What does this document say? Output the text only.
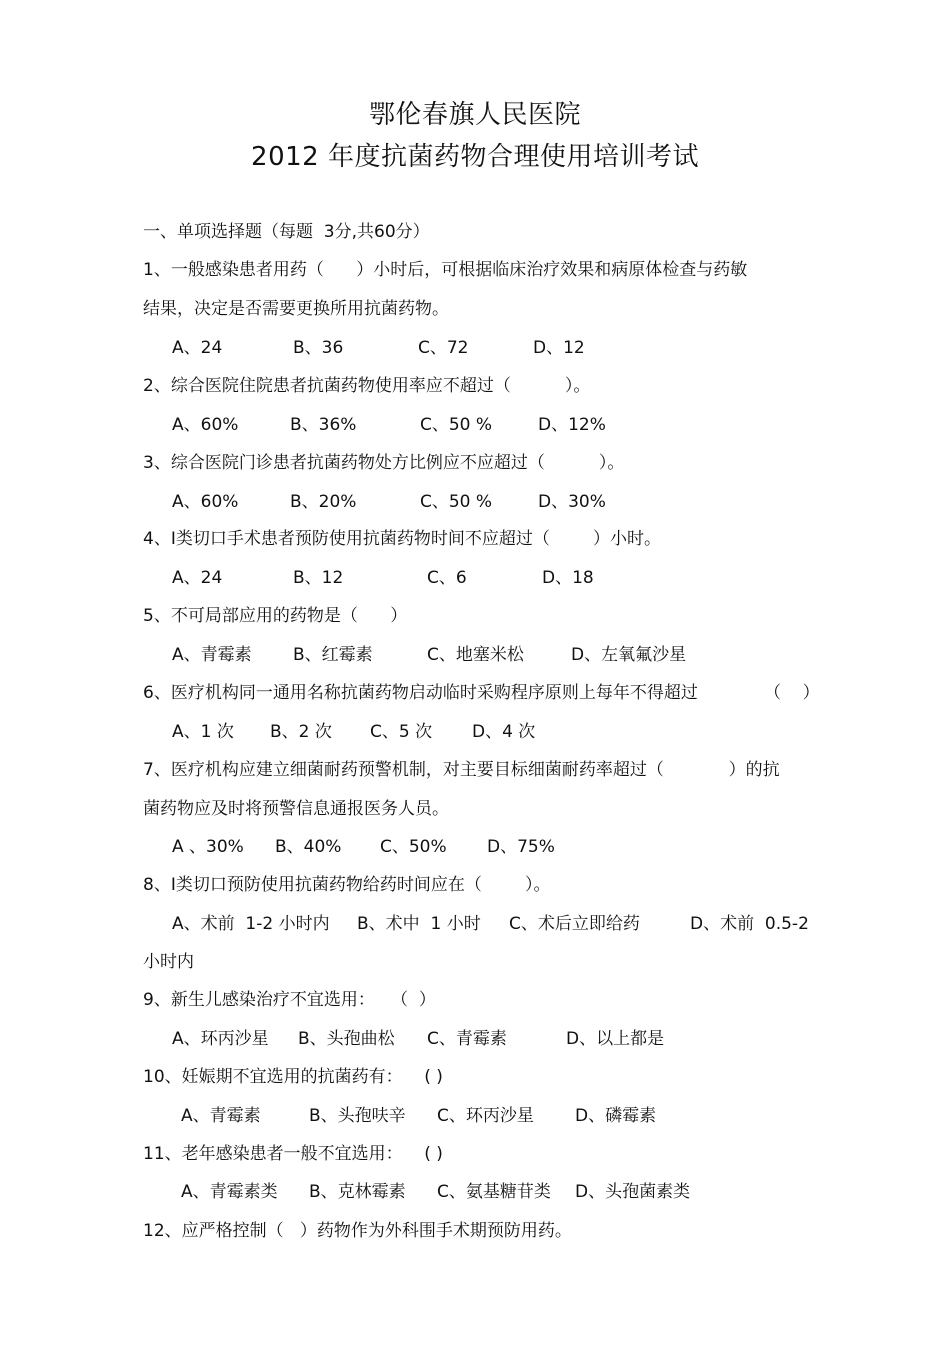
鄂伦春旗人民医院
2012 年度抗菌药物合理使用培训考试
一、单项选择题（每题  3分,共60分）
1、一般感染患者用药（      ）小时后，可根据临床治疗效果和病原体检查与药敏
结果，决定是否需要更换所用抗菌药物。
A、24	B、36	C、72	D、12
2、综合医院住院患者抗菌药物使用率应不超过（          ）。
A、60%	B、36%	C、50 %	D、12%
3、综合医院门诊患者抗菌药物处方比例应不应超过（          ）。
A、60%	B、20%	C、50 %	D、30%
4、Ⅰ类切口手术患者预防使用抗菌药物时间不应超过（        ）小时。
A、24	B、12	C、6	D、18
5、不可局部应用的药物是（      ）
A、青霉素 B、红霉素	C、地塞米松	D、左氧氟沙星
6、医疗机构同一通用名称抗菌药物启动临时采购程序原则上每年不得超过	（    ）
A、1 次 B、2 次 C、5 次 D、4 次
7、医疗机构应建立细菌耐药预警机制，对主要目标细菌耐药率超过（            ）的抗
菌药物应及时将预警信息通报医务人员。
A 、30% B、40% C、50% D、75%
8、Ⅰ类切口预防使用抗菌药物给药时间应在（        ）。
A、术前  1-2 小时内 B、术中  1 小时 C、术后立即给药	D、术前  0.5-2
小时内
9、新生儿感染治疗不宜选用：   （  ）
A、环丙沙星 B、头孢曲松 C、青霉素	D、以上都是
10、妊娠期不宜选用的抗菌药有：    ( )
A、青霉素	B、头孢呋辛 C、环丙沙星 D、磷霉素
11、老年感染患者一般不宜选用：    ( )
A、青霉素类 B、克林霉素 C、氨基糖苷类 D、头孢菌素类
12、应严格控制（   ）药物作为外科围手术期预防用药。
